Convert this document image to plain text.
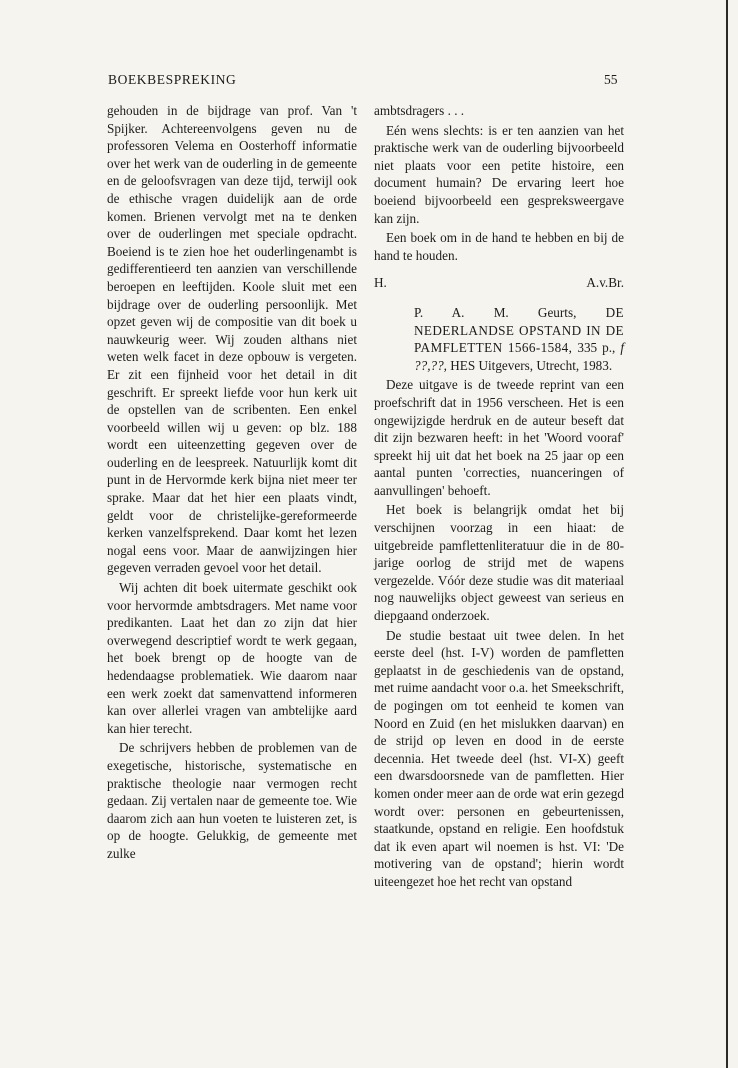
BOEKBESPREKING	55

gehouden in de bijdrage van prof. Van 't Spijker. Achtereenvolgens geven nu de professoren Velema en Oosterhoff informatie over het werk van de ouderling in de gemeente en de geloofsvragen van deze tijd, terwijl ook de ethische vragen duidelijk aan de orde komen. Brienen vervolgt met na te denken over de ouderlingen met speciale opdracht. Boeiend is te zien hoe het ouderlingenambt is gedifferentieerd ten aanzien van verschillende beroepen en leeftijden. Koole sluit met een bijdrage over de ouderling persoonlijk. Met opzet geven wij de compositie van dit boek u nauwkeurig weer. Wij zouden althans niet weten welk facet in deze opbouw is vergeten. Er zit een fijnheid voor het detail in dit geschrift. Er spreekt liefde voor hun kerk uit de opstellen van de scribenten. Een enkel voorbeeld willen wij u geven: op blz. 188 wordt een uiteenzetting gegeven over de ouderling en de leespreek. Natuurlijk komt dit punt in de Hervormde kerk bijna niet meer ter sprake. Maar dat het hier een plaats vindt, geldt voor de christelijke-gereformeerde kerken vanzelfsprekend. Daar komt het lezen nogal eens voor. Maar de aanwijzingen hier gegeven verraden gevoel voor het detail.

Wij achten dit boek uitermate geschikt ook voor hervormde ambtsdragers. Met name voor predikanten. Laat het dan zo zijn dat hier overwegend descriptief wordt te werk gegaan, het boek brengt op de hoogte van de hedendaagse problematiek. Wie daarom naar een werk zoekt dat samenvattend informeren kan over allerlei vragen van ambtelijke aard kan hier terecht.

De schrijvers hebben de problemen van de exegetische, historische, systematische en praktische theologie naar vermogen recht gedaan. Zij vertalen naar de gemeente toe. Wie daarom zich aan hun voeten te luisteren zet, is op de hoogte. Gelukkig, de gemeente met zulke

ambtsdragers . . .

Eén wens slechts: is er ten aanzien van het praktische werk van de ouderling bijvoorbeeld niet plaats voor een petite histoire, een document humain? De ervaring leert hoe boeiend bijvoorbeeld een gespreksweergave kan zijn.

Een boek om in de hand te hebben en bij de hand te houden.

H.	A.v.Br.
P. A. M. Geurts, DE NEDERLANDSE OPSTAND IN DE PAMFLETTEN 1566-1584, 335 p., f ??,??, HES Uitgevers, Utrecht, 1983.

Deze uitgave is de tweede reprint van een proefschrift dat in 1956 verscheen. Het is een ongewijzigde herdruk en de auteur beseft dat dit zijn bezwaren heeft: in het 'Woord vooraf' spreekt hij uit dat het boek na 25 jaar op een aantal punten 'correcties, nuanceringen of aanvullingen' behoeft.

Het boek is belangrijk omdat het bij verschijnen voorzag in een hiaat: de uitgebreide pamflettenliteratuur die in de 80-jarige oorlog de strijd met de wapens vergezelde. Vóór deze studie was dit materiaal nog nauwelijks object geweest van serieus en diepgaand onderzoek.

De studie bestaat uit twee delen. In het eerste deel (hst. I-V) worden de pamfletten geplaatst in de geschiedenis van de opstand, met ruime aandacht voor o.a. het Smeekschrift, de pogingen om tot eenheid te komen van Noord en Zuid (en het mislukken daarvan) en de strijd op leven en dood in de eerste decennia. Het tweede deel (hst. VI-X) geeft een dwarsdoorsnede van de pamfletten. Hier komen onder meer aan de orde wat erin gezegd wordt over: personen en gebeurtenissen, staatkunde, opstand en religie. Een hoofdstuk dat ik even apart wil noemen is hst. VI: 'De motivering van de opstand'; hierin wordt uiteengezet hoe het recht van opstand
